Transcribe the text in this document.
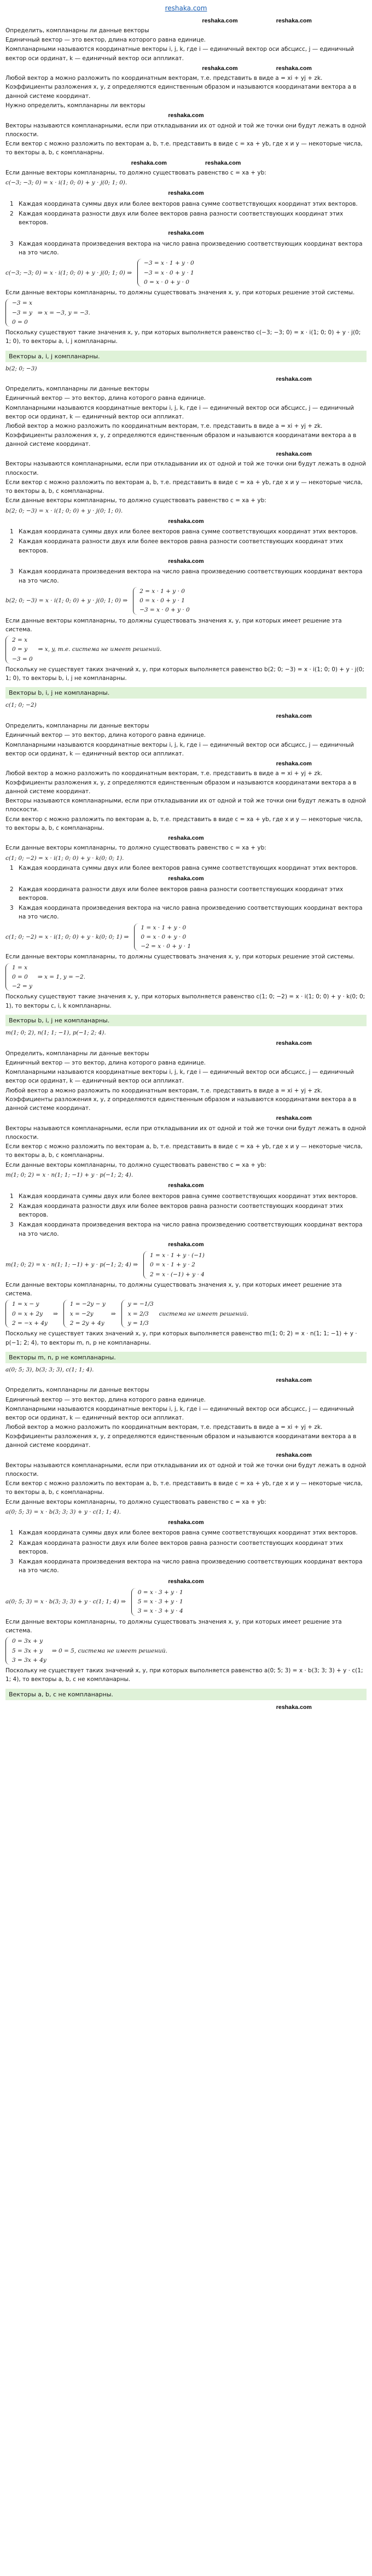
reshaka.com
reshaka.com	reshaka.com
Определить, компланарны ли данные векторы
Единичный вектор — это вектор, длина которого равна единице.
Компланарными называются координатные векторы i, j, k, где i — единичный вектор оси абсцисс, j — единичный вектор оси ординат, k — единичный вектор оси аппликат.
reshaka.com	reshaka.com
Любой вектор a можно разложить по координатным векторам, т.е. представить в виде a = xi + yj + zk. Коэффициенты разложения x, y, z определяются единственным образом и называются координатами вектора a в данной системе координат.
Нужно определить, компланарны ли векторы
reshaka.com
Векторы называются компланарными, если при откладывании их от одной и той же точки они будут лежать в одной плоскости.
Если вектор c можно разложить по векторам a, b, т.е. представить в виде c = xa + yb, где x и y — некоторые числа, то векторы a, b, c компланарны.
reshaka.com	reshaka.com
Если данные векторы компланарны, то должно существовать равенство c = xa + yb:
c(−3; −3; 0) = x · i(1; 0; 0) + y · j(0; 1; 0).
reshaka.com
1 Каждая координата суммы двух или более векторов равна сумме соответствующих координат этих векторов.
2 Каждая координата разности двух или более векторов равна разности соответствующих координат этих векторов.
reshaka.com
3 Каждая координата произведения вектора на число равна произведению соответствующих координат вектора на это число.
c(−3; −3; 0) = x · i(1; 0; 0) + y · j(0; 1; 0) ⇒
−3 = x · 1 + y · 0
−3 = x · 0 + y · 1
0 = x · 0 + y · 0
Если данные векторы компланарны, то должны существовать значения x, y, при которых решение этой системы.
−3 = x
−3 = y
0 = 0
⇒ x = −3, y = −3.
Поскольку существуют такие значения x, y, при которых выполняется равенство c(−3; −3; 0) = x · i(1; 0; 0) + y · j(0; 1; 0), то векторы a, i, j компланарны.
Векторы a, i, j компланарны.
b(2; 0; −3)
reshaka.com
Определить, компланарны ли данные векторы
Единичный вектор — это вектор, длина которого равна единице.
Компланарными называются координатные векторы i, j, k, где i — единичный вектор оси абсцисс, j — единичный вектор оси ординат, k — единичный вектор оси аппликат.
Любой вектор a можно разложить по координатным векторам, т.е. представить в виде a = xi + yj + zk. Коэффициенты разложения x, y, z определяются единственным образом и называются координатами вектора a в данной системе координат.
reshaka.com
Векторы называются компланарными, если при откладывании их от одной и той же точки они будут лежать в одной плоскости.
Если вектор c можно разложить по векторам a, b, т.е. представить в виде c = xa + yb, где x и y — некоторые числа, то векторы a, b, c компланарны.
Если данные векторы компланарны, то должно существовать равенство c = xa + yb:
b(2; 0; −3) = x · i(1; 0; 0) + y · j(0; 1; 0).
reshaka.com
1 Каждая координата суммы двух или более векторов равна сумме соответствующих координат этих векторов.
2 Каждая координата разности двух или более векторов равна разности соответствующих координат этих векторов.
reshaka.com
3 Каждая координата произведения вектора на число равна произведению соответствующих координат вектора на это число.
b(2; 0; −3) = x · i(1; 0; 0) + y · j(0; 1; 0) ⇒
2 = x · 1 + y · 0
0 = x · 0 + y · 1
−3 = x · 0 + y · 0
Если данные векторы компланарны, то должны существовать значения x, y, при которых имеет решение эта система.
2 = x
0 = y
−3 = 0
⇒ x, y, т.е. система не имеет решений.
Поскольку не существует таких значений x, y, при которых выполняется равенство b(2; 0; −3) = x · i(1; 0; 0) + y · j(0; 1; 0), то векторы b, i, j не компланарны.
Векторы b, i, j не компланарны.
c(1; 0; −2)
reshaka.com
Определить, компланарны ли данные векторы
Единичный вектор — это вектор, длина которого равна единице.
Компланарными называются координатные векторы i, j, k, где i — единичный вектор оси абсцисс, j — единичный вектор оси ординат, k — единичный вектор оси аппликат.
reshaka.com
Любой вектор a можно разложить по координатным векторам, т.е. представить в виде a = xi + yj + zk. Коэффициенты разложения x, y, z определяются единственным образом и называются координатами вектора a в данной системе координат.
Векторы называются компланарными, если при откладывании их от одной и той же точки они будут лежать в одной плоскости.
Если вектор c можно разложить по векторам a, b, т.е. представить в виде c = xa + yb, где x и y — некоторые числа, то векторы a, b, c компланарны.
reshaka.com
Если данные векторы компланарны, то должно существовать равенство c = xa + yb:
c(1; 0; −2) = x · i(1; 0; 0) + y · k(0; 0; 1).
1 Каждая координата суммы двух или более векторов равна сумме соответствующих координат этих векторов.
reshaka.com
2 Каждая координата разности двух или более векторов равна разности соответствующих координат этих векторов.
3 Каждая координата произведения вектора на число равна произведению соответствующих координат вектора на это число.
c(1; 0; −2) = x · i(1; 0; 0) + y · k(0; 0; 1) ⇒
1 = x · 1 + y · 0
0 = x · 0 + y · 0
−2 = x · 0 + y · 1
Если данные векторы компланарны, то должны существовать значения x, y, при которых решение этой системы.
1 = x
0 = 0
−2 = y
⇒ x = 1, y = −2.
Поскольку существуют такие значения x, y, при которых выполняется равенство c(1; 0; −2) = x · i(1; 0; 0) + y · k(0; 0; 1), то векторы c, i, k компланарны.
Векторы b, i, j не компланарны.
m(1; 0; 2), n(1; 1; −1), p(−1; 2; 4).
reshaka.com
Определить, компланарны ли данные векторы
Единичный вектор — это вектор, длина которого равна единице.
Компланарными называются координатные векторы i, j, k, где i — единичный вектор оси абсцисс, j — единичный вектор оси ординат, k — единичный вектор оси аппликат.
Любой вектор a можно разложить по координатным векторам, т.е. представить в виде a = xi + yj + zk. Коэффициенты разложения x, y, z определяются единственным образом и называются координатами вектора a в данной системе координат.
reshaka.com
Векторы называются компланарными, если при откладывании их от одной и той же точки они будут лежать в одной плоскости.
Если вектор c можно разложить по векторам a, b, т.е. представить в виде c = xa + yb, где x и y — некоторые числа, то векторы a, b, c компланарны.
Если данные векторы компланарны, то должно существовать равенство c = xa + yb:
m(1; 0; 2) = x · n(1; 1; −1) + y · p(−1; 2; 4).
reshaka.com
1 Каждая координата суммы двух или более векторов равна сумме соответствующих координат этих векторов.
2 Каждая координата разности двух или более векторов равна разности соответствующих координат этих векторов.
3 Каждая координата произведения вектора на число равна произведению соответствующих координат вектора на это число.
reshaka.com
m(1; 0; 2) = x · n(1; 1; −1) + y · p(−1; 2; 4) ⇒
1 = x · 1 + y · (−1)
0 = x · 1 + y · 2
2 = x · (−1) + y · 4
Если данные векторы компланарны, то должны существовать значения x, y, при которых имеет решение эта система.
1 = x − y
0 = x + 2y
2 = −x + 4y
⇒
1 = −2y − y
x = −2y
2 = 2y + 4y
⇒
y = −1/3
x = 2/3
y = 1/3
система не имеет решений.
Поскольку не существует таких значений x, y, при которых выполняется равенство m(1; 0; 2) = x · n(1; 1; −1) + y · p(−1; 2; 4), то векторы m, n, p не компланарны.
Векторы m, n, p не компланарны.
a(0; 5; 3), b(3; 3; 3), c(1; 1; 4).
reshaka.com
Определить, компланарны ли данные векторы
Единичный вектор — это вектор, длина которого равна единице.
Компланарными называются координатные векторы i, j, k, где i — единичный вектор оси абсцисс, j — единичный вектор оси ординат, k — единичный вектор оси аппликат.
Любой вектор a можно разложить по координатным векторам, т.е. представить в виде a = xi + yj + zk. Коэффициенты разложения x, y, z определяются единственным образом и называются координатами вектора a в данной системе координат.
reshaka.com
Векторы называются компланарными, если при откладывании их от одной и той же точки они будут лежать в одной плоскости.
Если вектор c можно разложить по векторам a, b, т.е. представить в виде c = xa + yb, где x и y — некоторые числа, то векторы a, b, c компланарны.
Если данные векторы компланарны, то должно существовать равенство c = xa + yb:
a(0; 5; 3) = x · b(3; 3; 3) + y · c(1; 1; 4).
reshaka.com
1 Каждая координата суммы двух или более векторов равна сумме соответствующих координат этих векторов.
2 Каждая координата разности двух или более векторов равна разности соответствующих координат этих векторов.
3 Каждая координата произведения вектора на число равна произведению соответствующих координат вектора на это число.
reshaka.com
a(0; 5; 3) = x · b(3; 3; 3) + y · c(1; 1; 4) ⇒
0 = x · 3 + y · 1
5 = x · 3 + y · 1
3 = x · 3 + y · 4
Если данные векторы компланарны, то должны существовать значения x, y, при которых имеет решение эта система.
0 = 3x + y
5 = 3x + y
3 = 3x + 4y
⇒ 0 = 5, система не имеет решений.
Поскольку не существует таких значений x, y, при которых выполняется равенство a(0; 5; 3) = x · b(3; 3; 3) + y · c(1; 1; 4), то векторы a, b, c не компланарны.
Векторы a, b, c не компланарны.
reshaka.com
